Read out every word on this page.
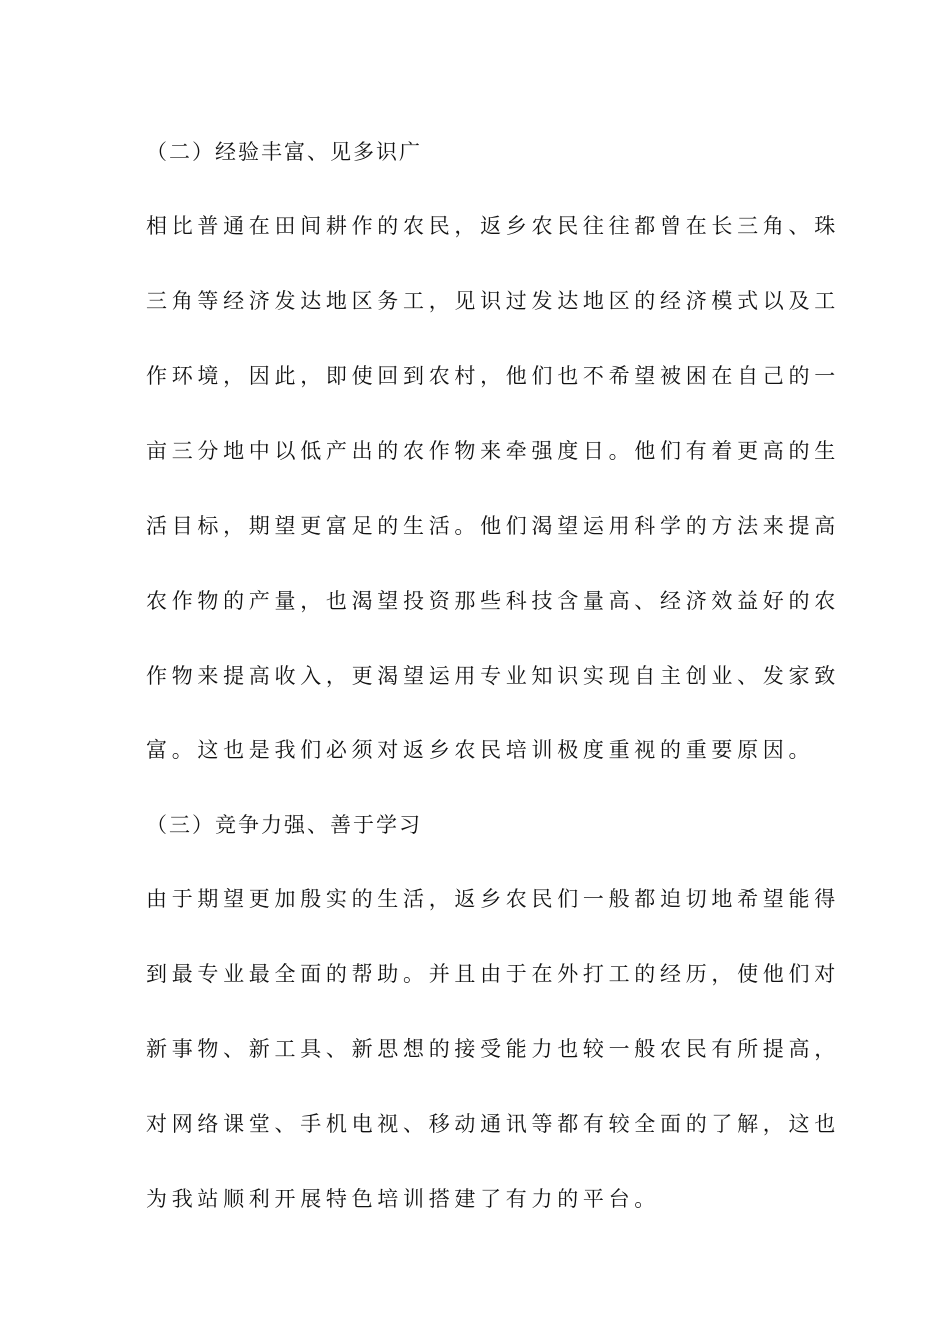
（二）经验丰富、见多识广
相比普通在田间耕作的农民，返乡农民往往都曾在长三角、珠
三角等经济发达地区务工，见识过发达地区的经济模式以及工
作环境，因此，即使回到农村，他们也不希望被困在自己的一
亩三分地中以低产出的农作物来牵强度日。他们有着更高的生
活目标，期望更富足的生活。他们渴望运用科学的方法来提高
农作物的产量，也渴望投资那些科技含量高、经济效益好的农
作物来提高收入，更渴望运用专业知识实现自主创业、发家致
富。这也是我们必须对返乡农民培训极度重视的重要原因。
（三）竞争力强、善于学习
由于期望更加殷实的生活，返乡农民们一般都迫切地希望能得
到最专业最全面的帮助。并且由于在外打工的经历，使他们对
新事物、新工具、新思想的接受能力也较一般农民有所提高，
对网络课堂、手机电视、移动通讯等都有较全面的了解，这也
为我站顺利开展特色培训搭建了有力的平台。
